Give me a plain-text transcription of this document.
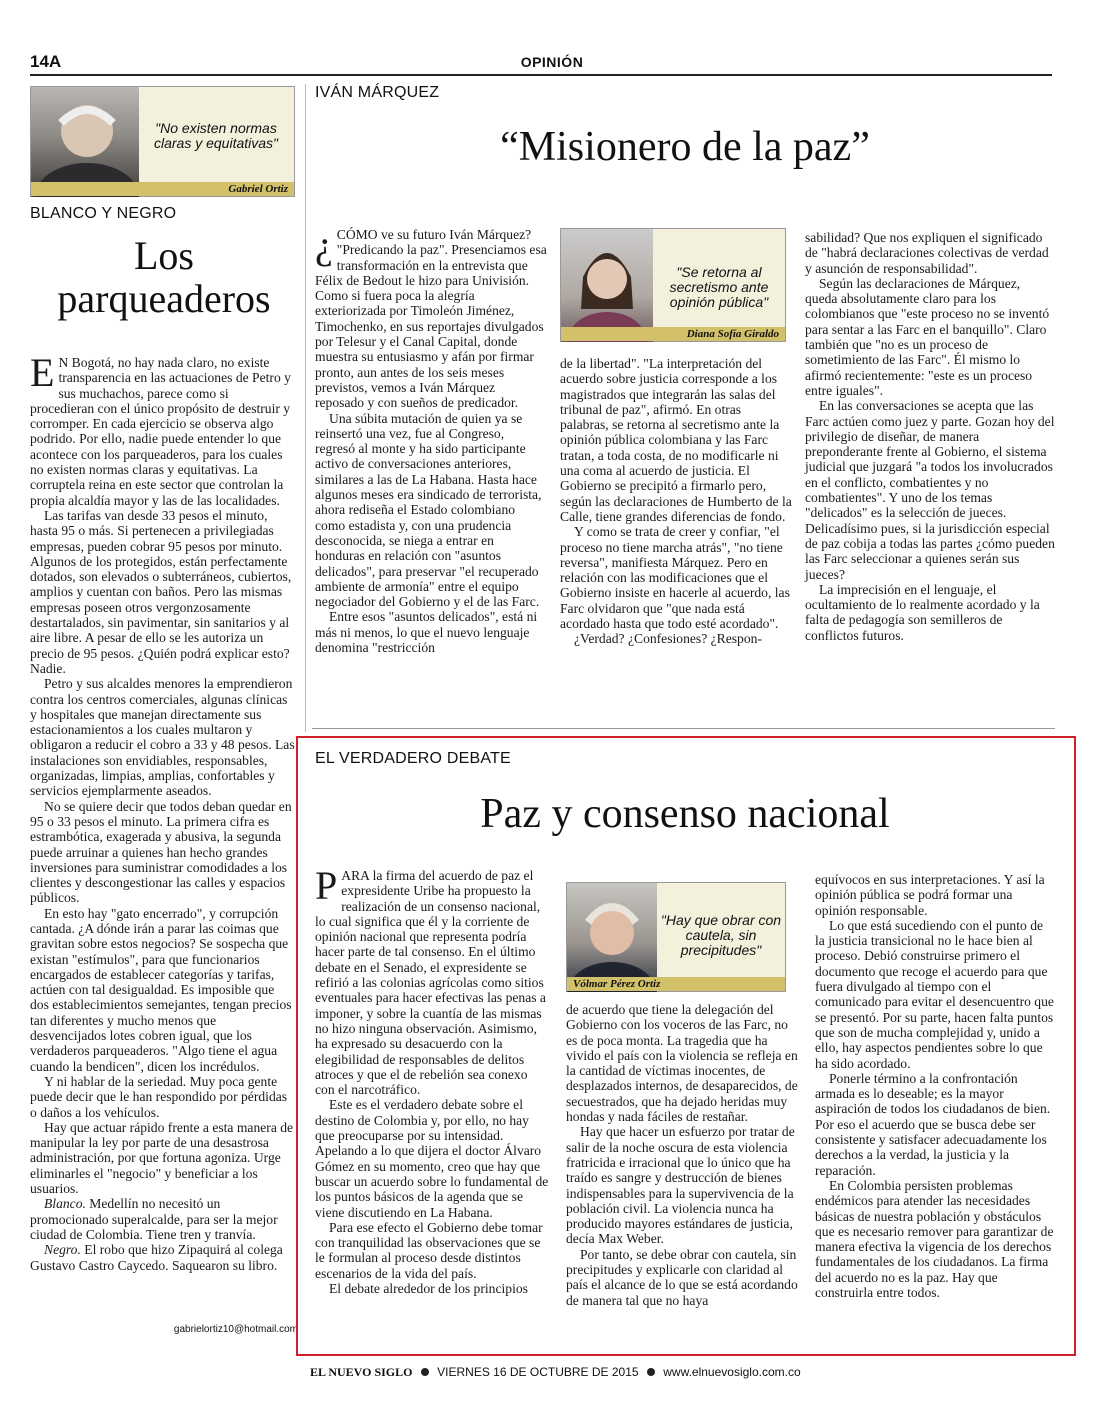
14A	OPINIÓN
"No existen normas claras y equitativas"
Gabriel Ortiz
BLANCO Y NEGRO
Los parqueaderos

E N Bogotá, no hay nada claro, no existe transparencia en las actuaciones de Petro y sus muchachos, parece como si procedieran con el único propósito de destruir y corromper. En cada ejercicio se observa algo podrido. Por ello, nadie puede entender lo que acontece con los parqueaderos, para los cuales no existen normas claras y equitativas. La corruptela reina en este sector que controlan la propia alcaldía mayor y las de las localidades.

Las tarifas van desde 33 pesos el minuto, hasta 95 o más. Si pertenecen a privilegiadas empresas, pueden cobrar 95 pesos por minuto. Algunos de los protegidos, están perfectamente dotados, son elevados o subterráneos, cubiertos, amplios y cuentan con baños. Pero las mismas empresas poseen otros vergonzosamente destartalados, sin pavimentar, sin sanitarios y al aire libre. A pesar de ello se les autoriza un precio de 95 pesos. ¿Quién podrá explicar esto? Nadie.

Petro y sus alcaldes menores la emprendieron contra los centros comerciales, algunas clínicas y hospitales que manejan directamente sus estacionamientos a los cuales multaron y obligaron a reducir el cobro a 33 y 48 pesos. Las instalaciones son envidiables, responsables, organizadas, limpias, amplias, confortables y servicios ejemplarmente aseados.

No se quiere decir que todos deban quedar en 95 o 33 pesos el minuto. La primera cifra es estrambótica, exagerada y abusiva, la segunda puede arruinar a quienes han hecho grandes inversiones para suministrar comodidades a los clientes y descongestionar las calles y espacios públicos.

En esto hay "gato encerrado", y corrupción cantada. ¿A dónde irán a parar las coimas que gravitan sobre estos negocios? Se sospecha que existan "estímulos", para que funcionarios encargados de establecer categorías y tarifas, actúen con tal desigualdad. Es imposible que dos establecimientos semejantes, tengan precios tan diferentes y mucho menos que desvencijados lotes cobren igual, que los verdaderos parqueaderos. "Algo tiene el agua cuando la bendicen", dicen los incrédulos.

Y ni hablar de la seriedad. Muy poca gente puede decir que le han respondido por pérdidas o daños a los vehículos.

Hay que actuar rápido frente a esta manera de manipular la ley por parte de una desastrosa administración, por que fortuna agoniza. Urge eliminarles el "negocio" y beneficiar a los usuarios.

Blanco. Medellín no necesitó un promocionado superalcalde, para ser la mejor ciudad de Colombia. Tiene tren y tranvía.

Negro. El robo que hizo Zipaquirá al colega Gustavo Castro Caycedo. Saquearon su libro.

gabrielortiz10@hotmail.com
IVÁN MÁRQUEZ
“Misionero de la paz”

¿ CÓMO ve su futuro Iván Márquez? "Predicando la paz". Presenciamos esa transformación en la entrevista que Félix de Bedout le hizo para Univisión. Como si fuera poca la alegría exteriorizada por Timoleón Jiménez, Timochenko, en sus reportajes divulgados por Telesur y el Canal Capital, donde muestra su entusiasmo y afán por firmar pronto, aun antes de los seis meses previstos, vemos a Iván Márquez reposado y con sueños de predicador.

Una súbita mutación de quien ya se reinsertó una vez, fue al Congreso, regresó al monte y ha sido participante activo de conversaciones anteriores, similares a las de La Habana. Hasta hace algunos meses era sindicado de terrorista, ahora rediseña el Estado colombiano como estadista y, con una prudencia desconocida, se niega a entrar en honduras en relación con "asuntos delicados", para preservar "el recuperado ambiente de armonía" entre el equipo negociador del Gobierno y el de las Farc.

Entre esos "asuntos delicados", está ni más ni menos, lo que el nuevo lenguaje denomina "restricción

"Se retorna al secretismo ante opinión pública"
Diana Sofía Giraldo

de la libertad". "La interpretación del acuerdo sobre justicia corresponde a los magistrados que integrarán las salas del tribunal de paz", afirmó. En otras palabras, se retorna al secretismo ante la opinión pública colombiana y las Farc tratan, a toda costa, de no modificarle ni una coma al acuerdo de justicia. El Gobierno se precipitó a firmarlo pero, según las declaraciones de Humberto de la Calle, tiene grandes diferencias de fondo.

Y como se trata de creer y confiar, "el proceso no tiene marcha atrás", "no tiene reversa", manifiesta Márquez. Pero en relación con las modificaciones que el Gobierno insiste en hacerle al acuerdo, las Farc olvidaron que "que nada está acordado hasta que todo esté acordado".

¿Verdad? ¿Confesiones? ¿Respon-

sabilidad? Que nos expliquen el significado de "habrá declaraciones colectivas de verdad y asunción de responsabilidad".

Según las declaraciones de Márquez, queda absolutamente claro para los colombianos que "este proceso no se inventó para sentar a las Farc en el banquillo". Claro también que "no es un proceso de sometimiento de las Farc". Él mismo lo afirmó recientemente: "este es un proceso entre iguales".

En las conversaciones se acepta que las Farc actúen como juez y parte. Gozan hoy del privilegio de diseñar, de manera preponderante frente al Gobierno, el sistema judicial que juzgará "a todos los involucrados en el conflicto, combatientes y no combatientes". Y uno de los temas "delicados" es la selección de jueces. Delicadísimo pues, si la jurisdicción especial de paz cobija a todas las partes ¿cómo pueden las Farc seleccionar a quienes serán sus jueces?

La imprecisión en el lenguaje, el ocultamiento de lo realmente acordado y la falta de pedagogía son semilleros de conflictos futuros.

EL VERDADERO DEBATE
Paz y consenso nacional

PARA la firma del acuerdo de paz el expresidente Uribe ha propuesto la realización de un consenso nacional, lo cual significa que él y la corriente de opinión nacional que representa podría hacer parte de tal consenso. En el último debate en el Senado, el expresidente se refirió a las colonias agrícolas como sitios eventuales para hacer efectivas las penas a imponer, y sobre la cuantía de las mismas no hizo ninguna observación. Asimismo, ha expresado su desacuerdo con la elegibilidad de responsables de delitos atroces y que el de rebelión sea conexo con el narcotráfico.

Este es el verdadero debate sobre el destino de Colombia y, por ello, no hay que preocuparse por su intensidad. Apelando a lo que dijera el doctor Álvaro Gómez en su momento, creo que hay que buscar un acuerdo sobre lo fundamental de los puntos básicos de la agenda que se viene discutiendo en La Habana.

Para ese efecto el Gobierno debe tomar con tranquilidad las observaciones que se le formulan al proceso desde distintos escenarios de la vida del país.

El debate alrededor de los principios

"Hay que obrar con cautela, sin precipitudes"
Vólmar Pérez Ortiz

de acuerdo que tiene la delegación del Gobierno con los voceros de las Farc, no es de poca monta. La tragedia que ha vivido el país con la violencia se refleja en la cantidad de víctimas inocentes, de desplazados internos, de desaparecidos, de secuestrados, que ha dejado heridas muy hondas y nada fáciles de restañar.

Hay que hacer un esfuerzo por tratar de salir de la noche oscura de esta violencia fratricida e irracional que lo único que ha traído es sangre y destrucción de bienes indispensables para la supervivencia de la población civil. La violencia nunca ha producido mayores estándares de justicia, decía Max Weber.

Por tanto, se debe obrar con cautela, sin precipitudes y explicarle con claridad al país el alcance de lo que se está acordando de manera tal que no haya

equívocos en sus interpretaciones. Y así la opinión pública se podrá formar una opinión responsable.

Lo que está sucediendo con el punto de la justicia transicional no le hace bien al proceso. Debió construirse primero el documento que recoge el acuerdo para que fuera divulgado al tiempo con el comunicado para evitar el desencuentro que se presentó. Por su parte, hacen falta puntos que son de mucha complejidad y, unido a ello, hay aspectos pendientes sobre lo que ha sido acordado.

Ponerle término a la confrontación armada es lo deseable; es la mayor aspiración de todos los ciudadanos de bien. Por eso el acuerdo que se busca debe ser consistente y satisfacer adecuadamente los derechos a la verdad, la justicia y la reparación.

En Colombia persisten problemas endémicos para atender las necesidades básicas de nuestra población y obstáculos que es necesario remover para garantizar de manera efectiva la vigencia de los derechos fundamentales de los ciudadanos. La firma del acuerdo no es la paz. Hay que construirla entre todos.

EL NUEVO SIGLO VIERNES 16 DE OCTUBRE DE 2015 www.elnuevosiglo.com.co
